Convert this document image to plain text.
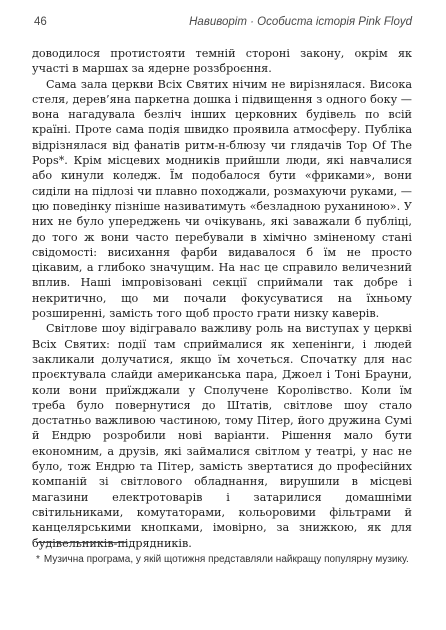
46	Навиворіт · Особиста історія Pink Floyd

доводилося протистояти темній стороні закону, окрім як участі в маршах за ядерне роззброєння.

Сама зала церкви Всіх Святих нічим не вирізнялася. Висока стеля, дерев’яна паркетна дошка і підвищення з одного боку — вона нагадувала безліч інших церковних будівель по всій країні. Проте сама подія швидко проявила атмосферу. Публіка відрізнялася від фанатів ритм-н-блюзу чи глядачів Top Of The Pops*. Крім місцевих модників прийшли люди, які навчалися або кинули коледж. Їм подобалося бути «фриками», вони сиділи на підлозі чи плавно походжали, розмахуючи руками, — цю поведінку пізніше називатимуть «безладною руханиною». У них не було упереджень чи очікувань, які заважали б публіці, до того ж вони часто перебували в хімічно зміненому стані свідомості: висихання фарби видавалося б їм не просто цікавим, а глибоко значущим. На нас це справило величезний вплив. Наші імпровізовані секції сприймали так добре і некритично, що ми почали фокусуватися на їхньому розширенні, замість того щоб просто грати низку каверів.

Світлове шоу відігравало важливу роль на виступах у церкві Всіх Святих: події там сприймалися як хепенінги, і людей закликали долучатися, якщо їм хочеться. Спочатку для нас проєктувала слайди американська пара, Джоел і Тоні Брауни, коли вони приїжджали у Сполучене Королівство. Коли їм треба було повернутися до Штатів, світлове шоу стало достатньо важливою частиною, тому Пітер, його дружина Сумі й Ендрю розробили нові варіанти. Рішення мало бути економним, а друзів, які займалися світлом у театрі, у нас не було, тож Ендрю та Пітер, замість звертатися до професійних компаній зі світлового обладнання, вирушили в місцеві магазини електротоварів і затарилися домашніми світильниками, комутаторами, кольоровими фільтрами й канцелярськими кнопками, імовірно, за знижкою, як для будівельників-підрядників.

* Музична програма, у якій щотижня представляли найкращу популярну музику.
